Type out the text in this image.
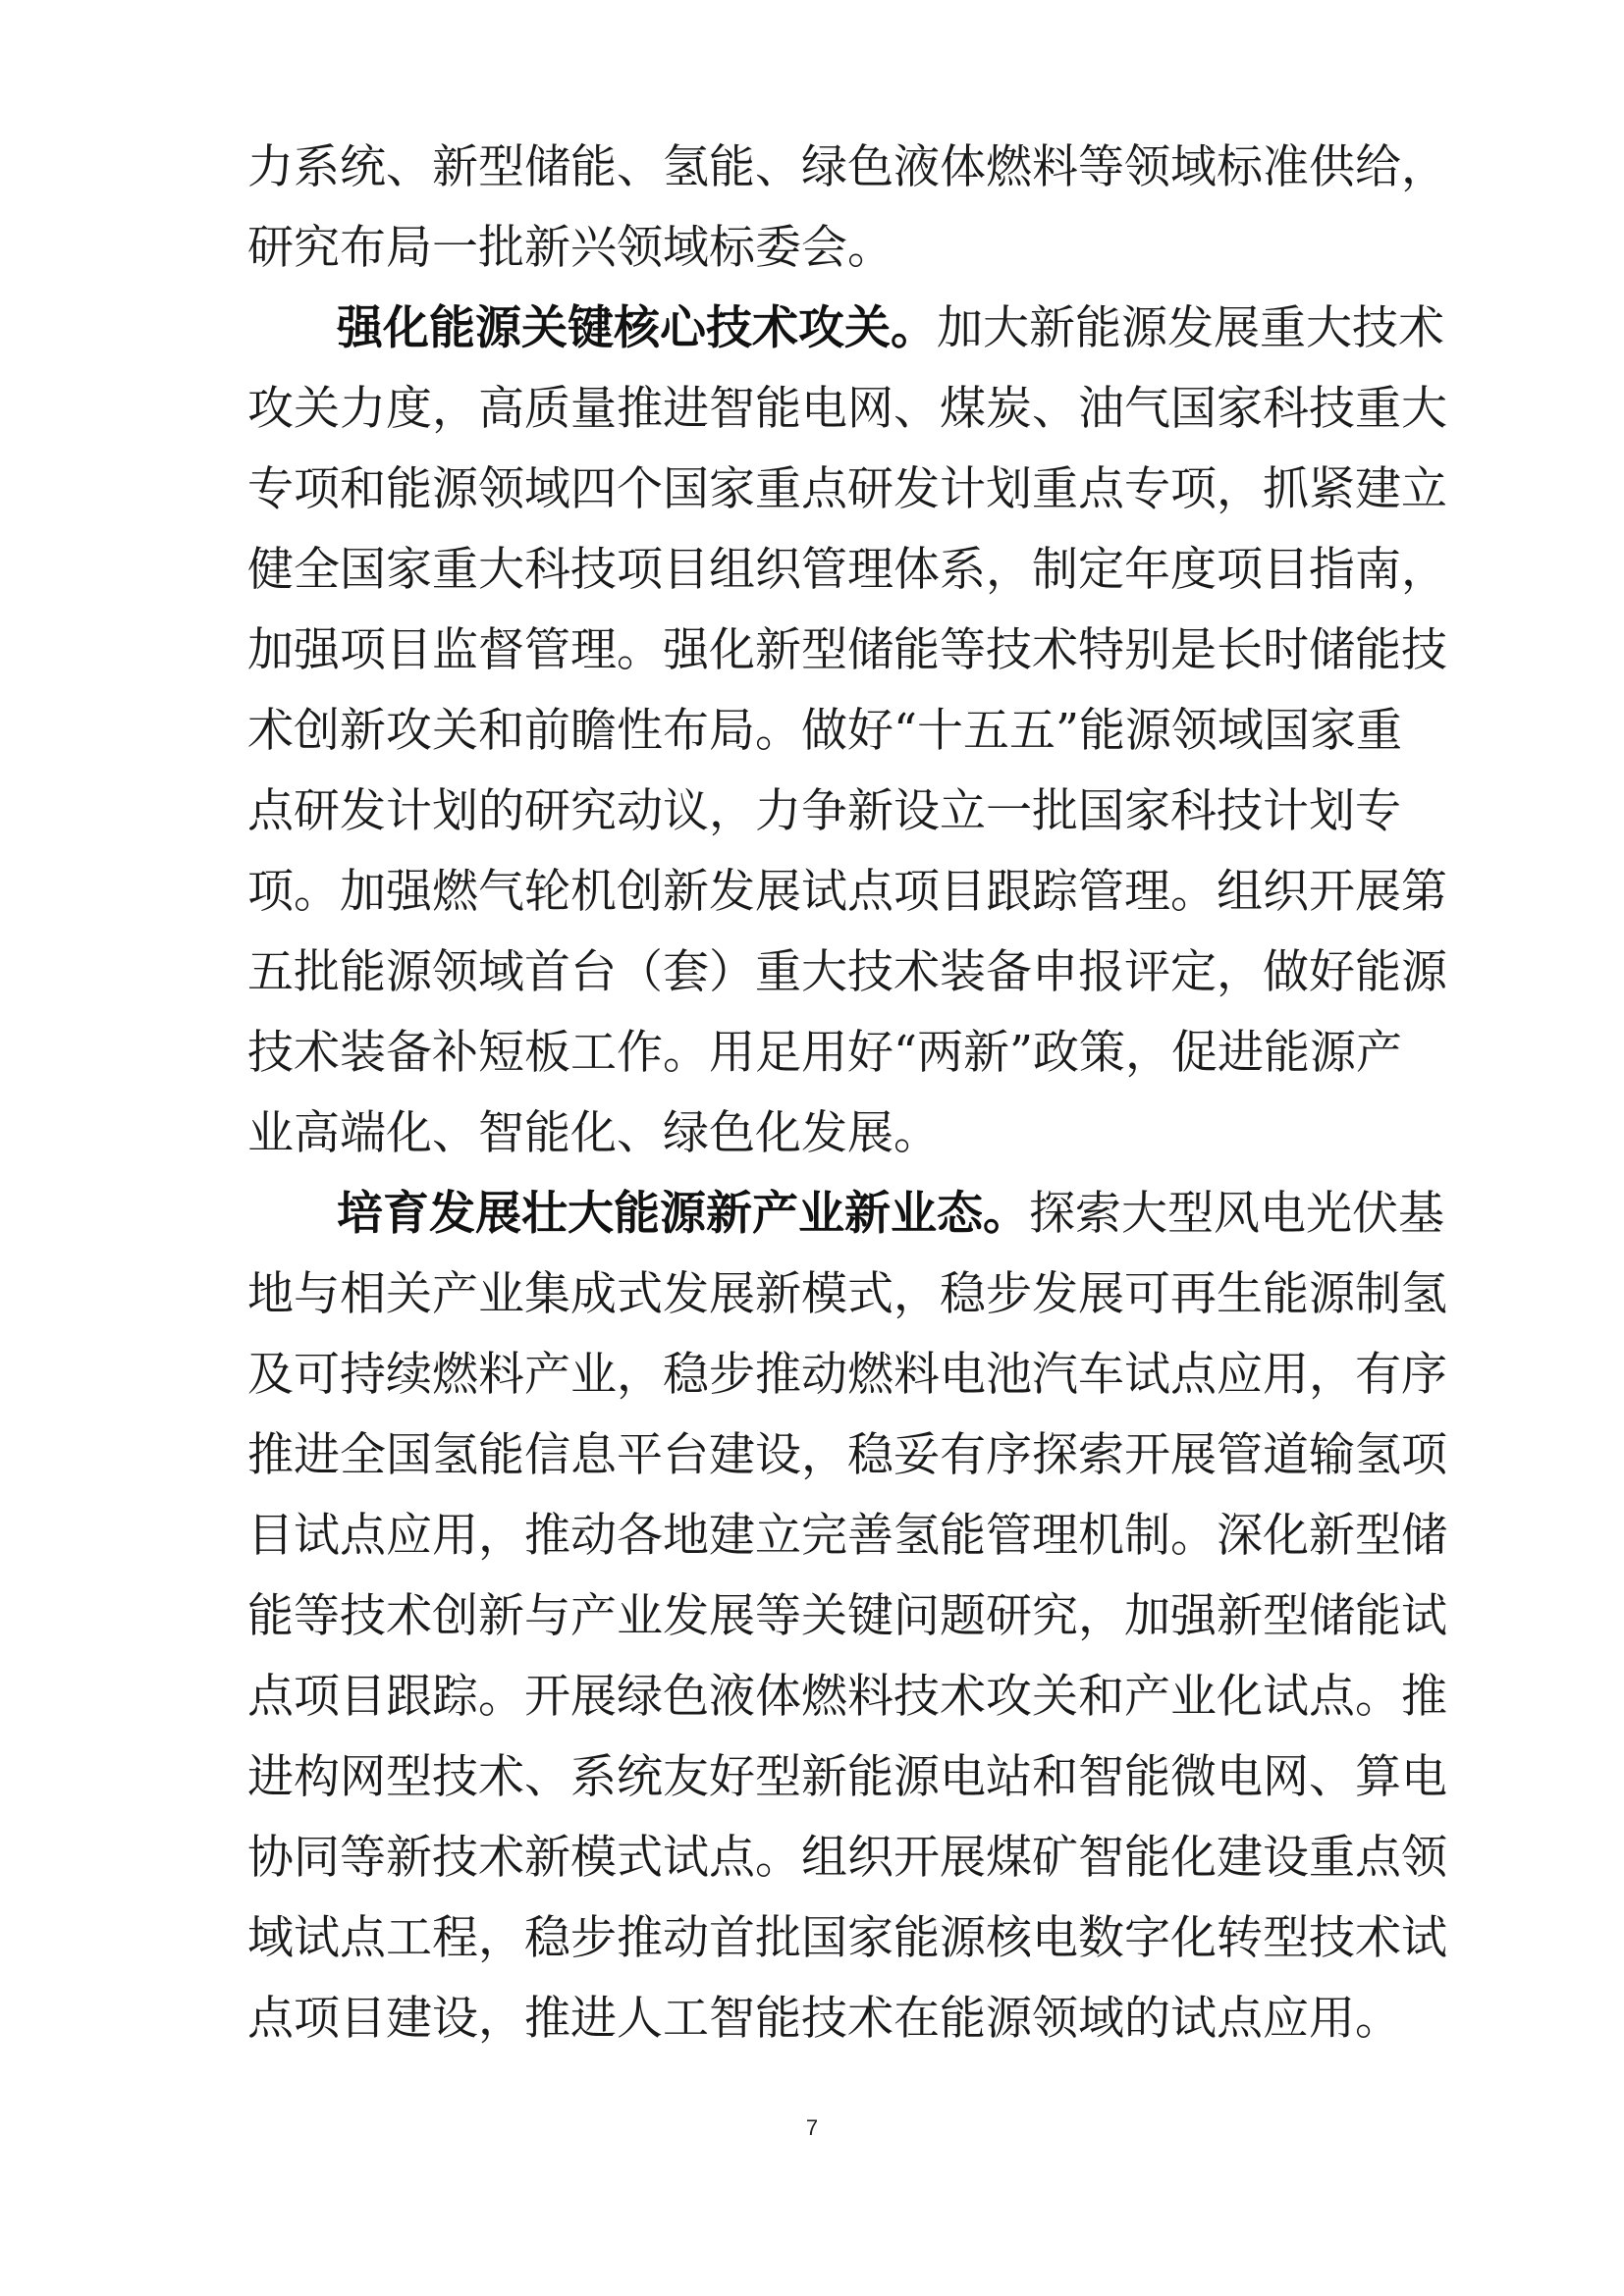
力系统、新型储能、氢能、绿色液体燃料等领域标准供给，
研究布局一批新兴领域标委会。
强化能源关键核心技术攻关。加大新能源发展重大技术
攻关力度，高质量推进智能电网、煤炭、油气国家科技重大
专项和能源领域四个国家重点研发计划重点专项，抓紧建立
健全国家重大科技项目组织管理体系，制定年度项目指南，
加强项目监督管理。强化新型储能等技术特别是长时储能技
术创新攻关和前瞻性布局。做好“十五五”能源领域国家重
点研发计划的研究动议，力争新设立一批国家科技计划专
项。加强燃气轮机创新发展试点项目跟踪管理。组织开展第
五批能源领域首台（套）重大技术装备申报评定，做好能源
技术装备补短板工作。用足用好“两新”政策，促进能源产
业高端化、智能化、绿色化发展。
培育发展壮大能源新产业新业态。探索大型风电光伏基
地与相关产业集成式发展新模式，稳步发展可再生能源制氢
及可持续燃料产业，稳步推动燃料电池汽车试点应用，有序
推进全国氢能信息平台建设，稳妥有序探索开展管道输氢项
目试点应用，推动各地建立完善氢能管理机制。深化新型储
能等技术创新与产业发展等关键问题研究，加强新型储能试
点项目跟踪。开展绿色液体燃料技术攻关和产业化试点。推
进构网型技术、系统友好型新能源电站和智能微电网、算电
协同等新技术新模式试点。组织开展煤矿智能化建设重点领
域试点工程，稳步推动首批国家能源核电数字化转型技术试
点项目建设，推进人工智能技术在能源领域的试点应用。
7
